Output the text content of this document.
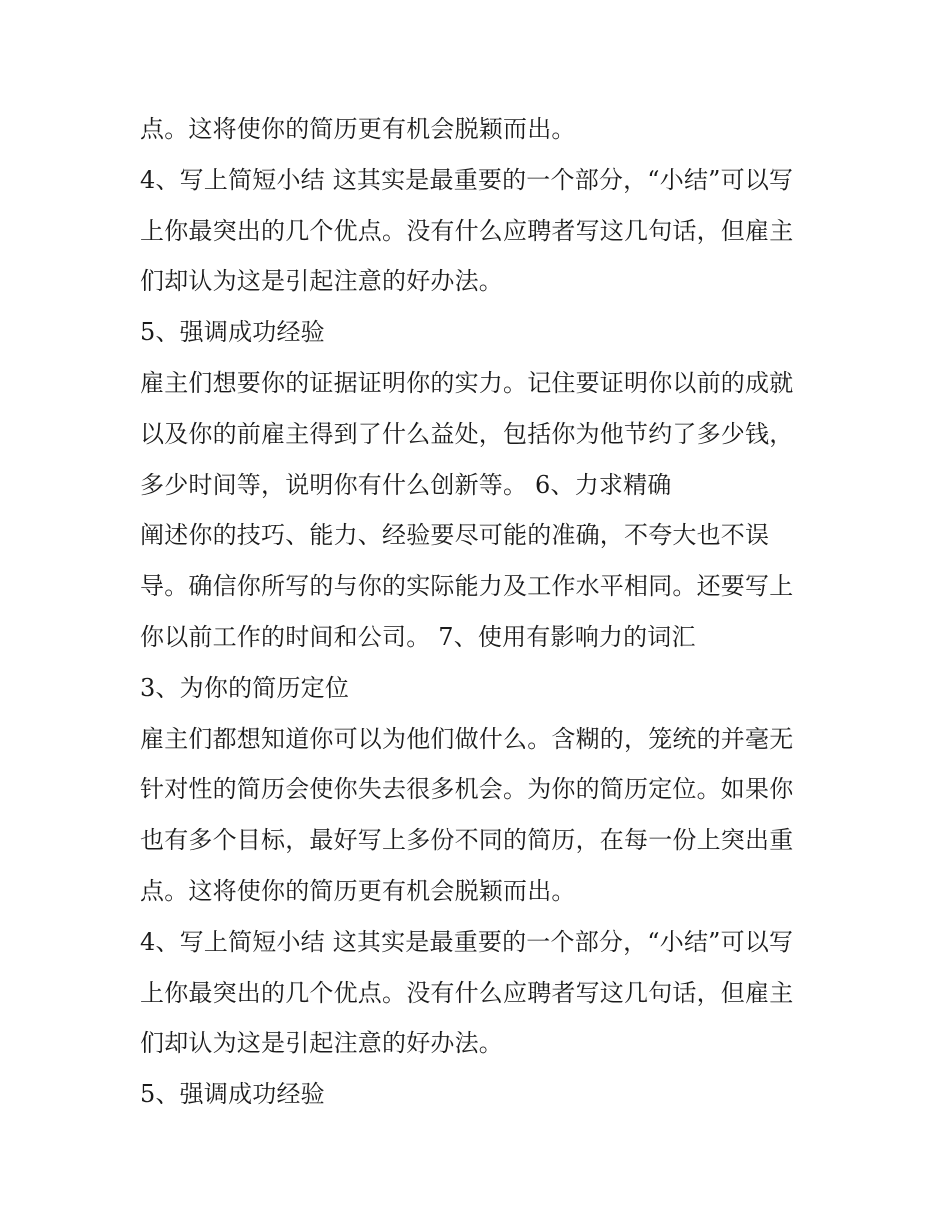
点。这将使你的简历更有机会脱颖而出。
4、写上简短小结 这其实是最重要的一个部分，“小结”可以写
上你最突出的几个优点。没有什么应聘者写这几句话，但雇主
们却认为这是引起注意的好办法。
5、强调成功经验
雇主们想要你的证据证明你的实力。记住要证明你以前的成就
以及你的前雇主得到了什么益处，包括你为他节约了多少钱，
多少时间等，说明你有什么创新等。 6、力求精确
阐述你的技巧、能力、经验要尽可能的准确，不夸大也不误
导。确信你所写的与你的实际能力及工作水平相同。还要写上
你以前工作的时间和公司。 7、使用有影响力的词汇
3、为你的简历定位
雇主们都想知道你可以为他们做什么。含糊的，笼统的并毫无
针对性的简历会使你失去很多机会。为你的简历定位。如果你
也有多个目标，最好写上多份不同的简历，在每一份上突出重
点。这将使你的简历更有机会脱颖而出。
4、写上简短小结 这其实是最重要的一个部分，“小结”可以写
上你最突出的几个优点。没有什么应聘者写这几句话，但雇主
们却认为这是引起注意的好办法。
5、强调成功经验
